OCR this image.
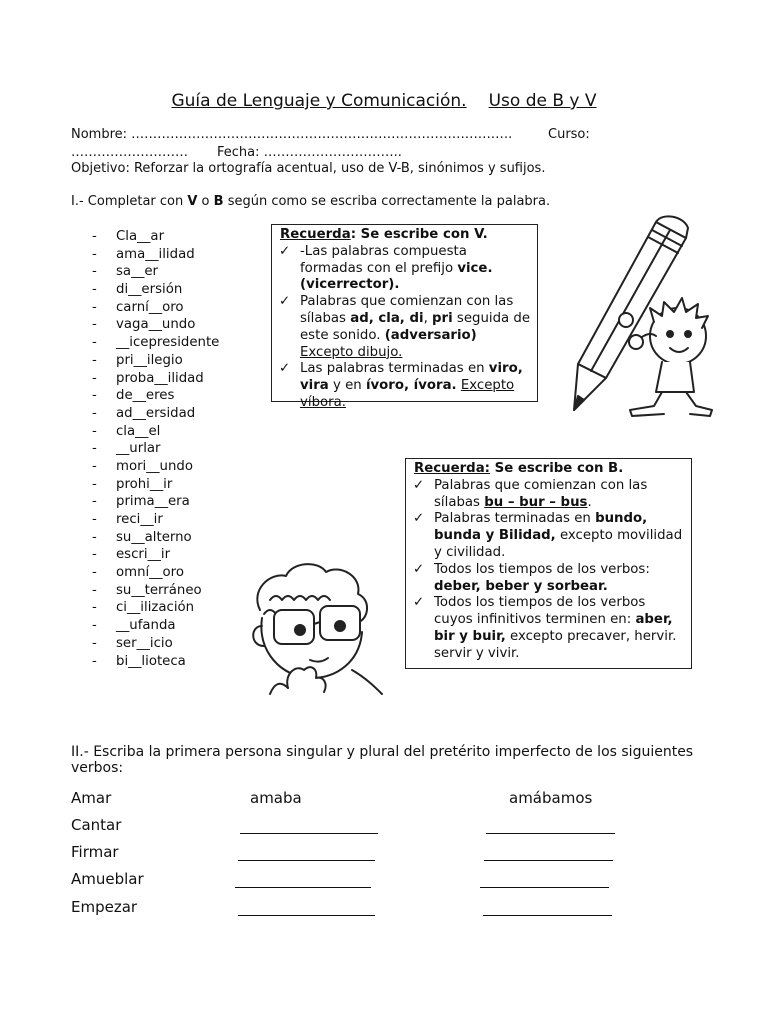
Guía de Lenguaje y Comunicación. Uso de B y V
Nombre: …………………………………………………………………………….	Curso:
……………………… Fecha: …………………………..
Objetivo: Reforzar la ortografía acentual, uso de V-B, sinónimos y sufijos.
I.- Completar con V o B según como se escriba correctamente la palabra.
- Cla__ar
- ama__ilidad
- sa__er
- di__ersión
- carní__oro
- vaga__undo
- __icepresidente
- pri__ilegio
- proba__ilidad
- de__eres
- ad__ersidad
- cla__el
- __urlar
- mori__undo
- prohi__ir
- prima__era
- reci__ir
- su__alterno
- escri__ir
- omní__oro
- su__terráneo
- ci__ilización
- __ufanda
- ser__icio
- bi__lioteca
Recuerda: Se escribe con V.
✓ -Las palabras compuesta formadas con el prefijo vice. (vicerrector).
✓ Palabras que comienzan con las sílabas ad, cla, di, pri seguida de este sonido. (adversario) Excepto dibujo.
✓ Las palabras terminadas en viro, vira y en ívoro, ívora. Excepto víbora.
Recuerda: Se escribe con B.
✓ Palabras que comienzan con las sílabas bu – bur – bus.
✓ Palabras terminadas en bundo, bunda y Bilidad, excepto movilidad y civilidad.
✓ Todos los tiempos de los verbos: deber, beber y sorbear.
✓ Todos los tiempos de los verbos cuyos infinitivos terminen en: aber, bir y buir, excepto precaver, hervir. servir y vivir.
II.- Escriba la primera persona singular y plural del pretérito imperfecto de los siguientes verbos:
Amar	amaba	amábamos
Cantar
Firmar
Amueblar
Empezar
